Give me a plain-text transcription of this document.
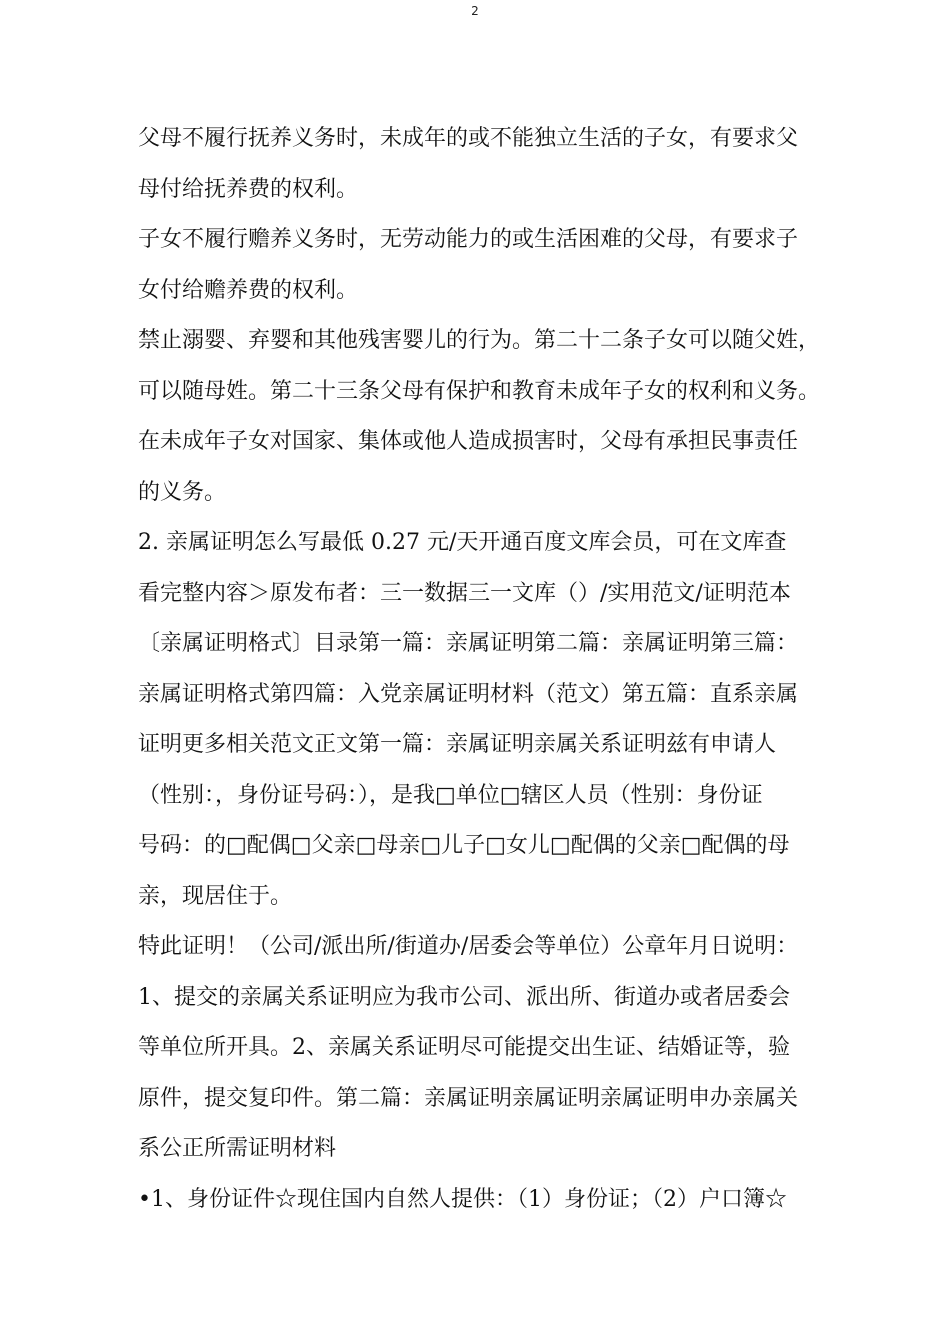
2
父母不履行抚养义务时，未成年的或不能独立生活的子女，有要求父
母付给抚养费的权利。
子女不履行赡养义务时，无劳动能力的或生活困难的父母，有要求子
女付给赡养费的权利。
禁止溺婴、弃婴和其他残害婴儿的行为。第二十二条子女可以随父姓，
可以随母姓。第二十三条父母有保护和教育未成年子女的权利和义务。
在未成年子女对国家、集体或他人造成损害时，父母有承担民事责任
的义务。
2. 亲属证明怎么写最低 0.27 元/天开通百度文库会员，可在文库查
看完整内容＞原发布者：三一数据三一文库（）/实用范文/证明范本
〔亲属证明格式〕目录第一篇：亲属证明第二篇：亲属证明第三篇：
亲属证明格式第四篇：入党亲属证明材料（范文）第五篇：直系亲属
证明更多相关范文正文第一篇：亲属证明亲属关系证明兹有申请人
（性别：，身份证号码：），是我□单位□辖区人员（性别：身份证
号码：的□配偶□父亲□母亲□儿子□女儿□配偶的父亲□配偶的母
亲，现居住于。
特此证明！（公司/派出所/街道办/居委会等单位）公章年月日说明：
1、提交的亲属关系证明应为我市公司、派出所、街道办或者居委会
等单位所开具。2、亲属关系证明尽可能提交出生证、结婚证等，验
原件，提交复印件。第二篇：亲属证明亲属证明亲属证明申办亲属关
系公正所需证明材料
•1、身份证件☆现住国内自然人提供：（1）身份证；（2）户口簿☆
